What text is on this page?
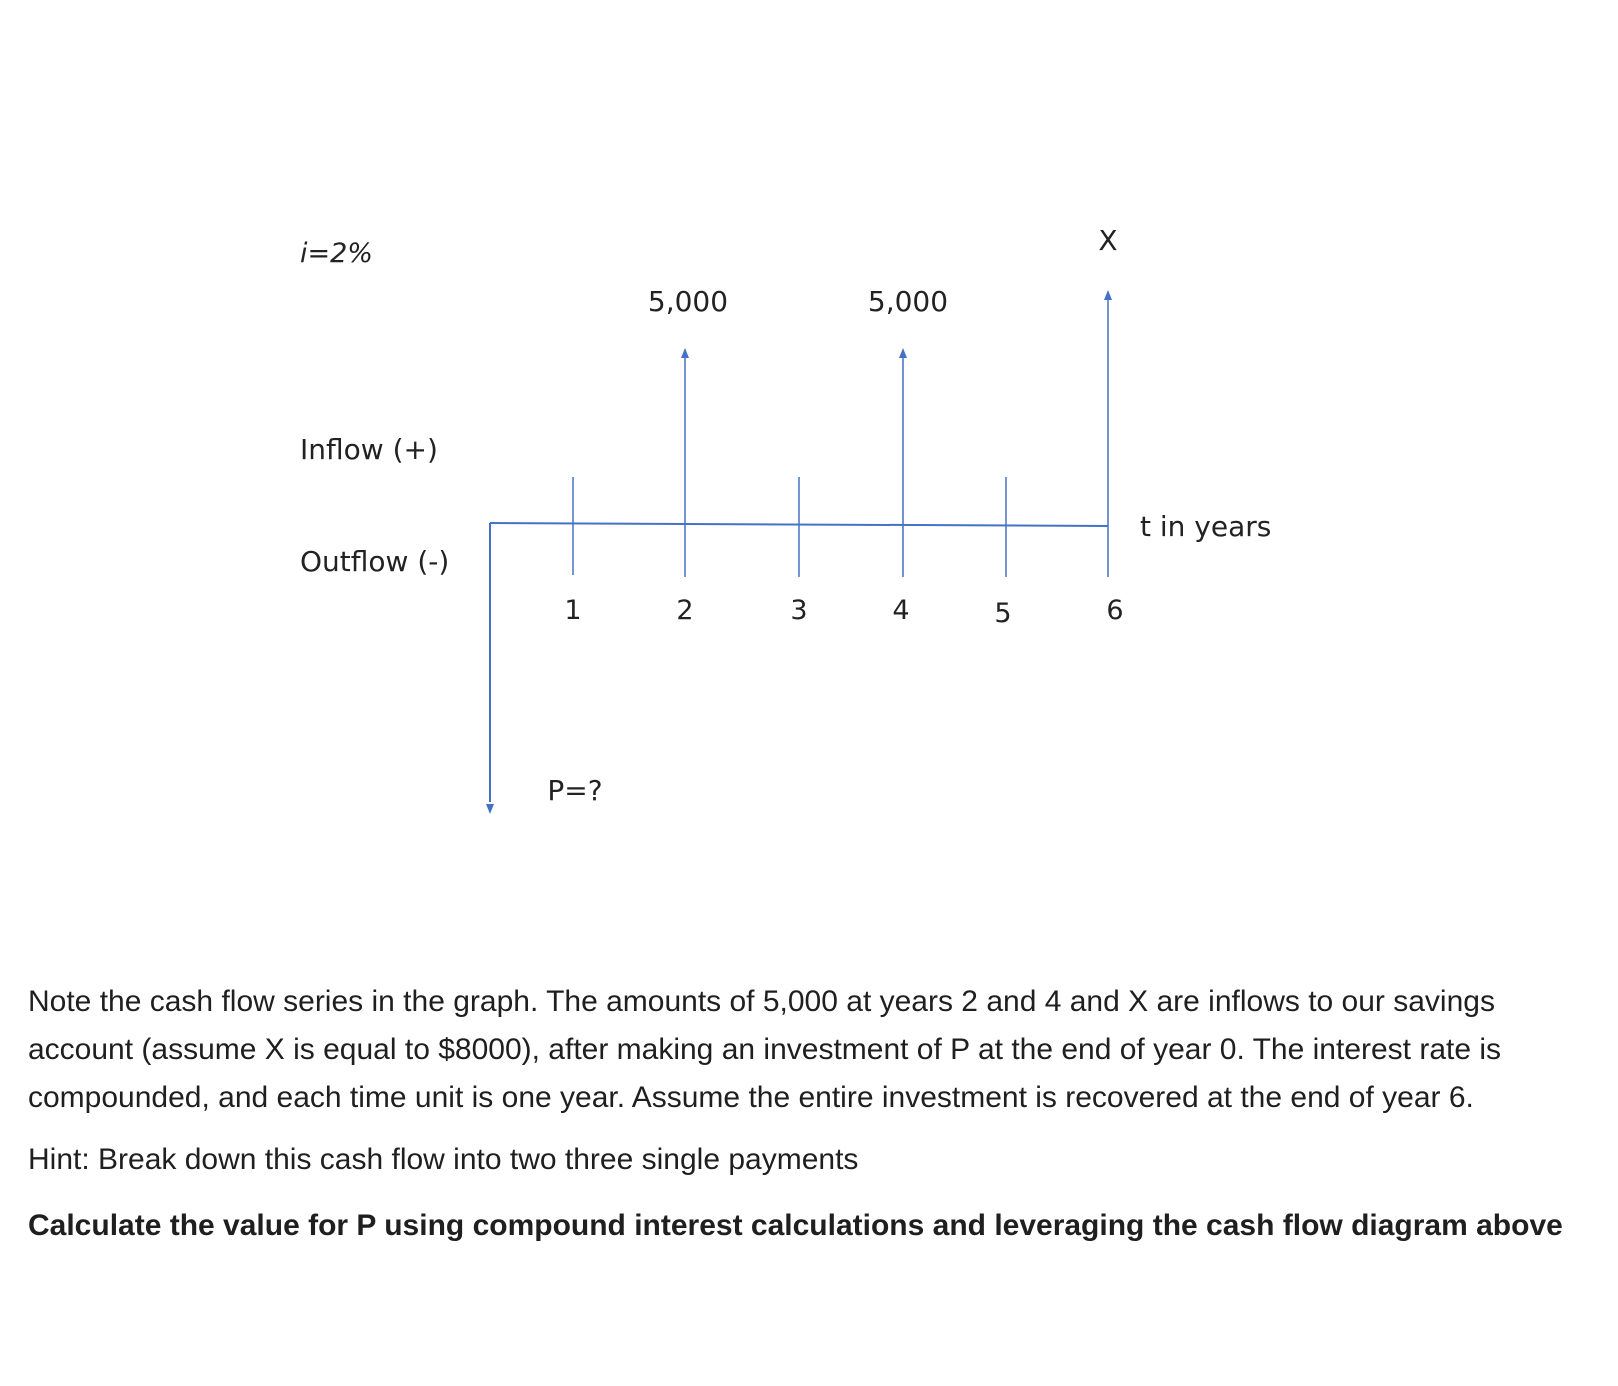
i=2%
Inflow (+)
Outflow (-)
t in years
1	2	3	4	5	6
5,000	5,000
X
P=?

Note the cash flow series in the graph. The amounts of 5,000 at years 2 and 4 and X are inflows to our savings account (assume X is equal to $8000), after making an investment of P at the end of year 0. The interest rate is compounded, and each time unit is one year. Assume the entire investment is recovered at the end of year 6.

Hint: Break down this cash flow into two three single payments

Calculate the value for P using compound interest calculations and leveraging the cash flow diagram above
